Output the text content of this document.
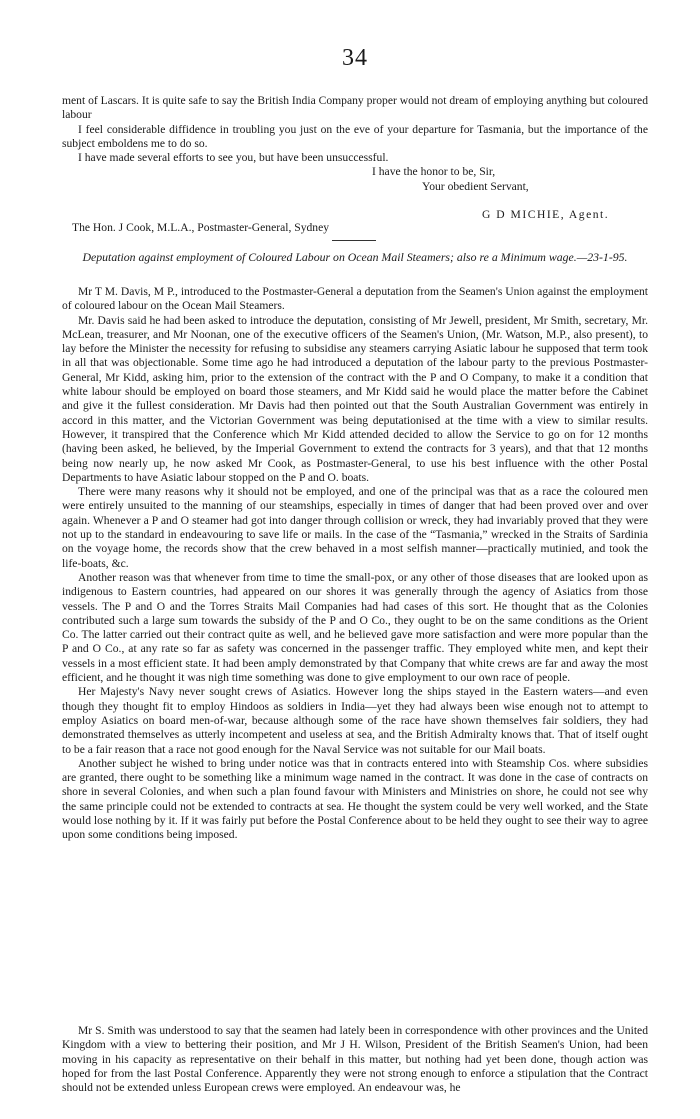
34

ment of Lascars. It is quite safe to say the British India Company proper would not dream of employing anything but coloured labour

I feel considerable diffidence in troubling you just on the eve of your departure for Tasmania, but the importance of the subject emboldens me to do so.

I have made several efforts to see you, but have been unsuccessful.

I have the honor to be, Sir,
Your obedient Servant,
G D MICHIE, Agent.
The Hon. J Cook, M.L.A., Postmaster-General, Sydney
Deputation against employment of Coloured Labour on Ocean Mail Steamers; also re a Minimum wage.—23-1-95.

Mr T M. Davis, M P., introduced to the Postmaster-General a deputation from the Seamen's Union against the employment of coloured labour on the Ocean Mail Steamers.

Mr. Davis said he had been asked to introduce the deputation, consisting of Mr Jewell, president, Mr Smith, secretary, Mr. McLean, treasurer, and Mr Noonan, one of the executive officers of the Seamen's Union, (Mr. Watson, M.P., also present), to lay before the Minister the necessity for refusing to subsidise any steamers carrying Asiatic labour he supposed that term took in all that was objectionable. Some time ago he had introduced a deputation of the labour party to the previous Postmaster-General, Mr Kidd, asking him, prior to the extension of the contract with the P and O Company, to make it a condition that white labour should be employed on board those steamers, and Mr Kidd said he would place the matter before the Cabinet and give it the fullest consideration. Mr Davis had then pointed out that the South Australian Government was entirely in accord in this matter, and the Victorian Government was being deputationised at the time with a view to similar results. However, it transpired that the Conference which Mr Kidd attended decided to allow the Service to go on for 12 months (having been asked, he believed, by the Imperial Government to extend the contracts for 3 years), and that that 12 months being now nearly up, he now asked Mr Cook, as Postmaster-General, to use his best influence with the other Postal Departments to have Asiatic labour stopped on the P and O. boats.

There were many reasons why it should not be employed, and one of the principal was that as a race the coloured men were entirely unsuited to the manning of our steamships, especially in times of danger that had been proved over and over again. Whenever a P and O steamer had got into danger through collision or wreck, they had invariably proved that they were not up to the standard in endeavouring to save life or mails. In the case of the “Tasmania,” wrecked in the Straits of Sardinia on the voyage home, the records show that the crew behaved in a most selfish manner—practically mutinied, and took the life-boats, &c.

Another reason was that whenever from time to time the small-pox, or any other of those diseases that are looked upon as indigenous to Eastern countries, had appeared on our shores it was generally through the agency of Asiatics from those vessels. The P and O and the Torres Straits Mail Companies had had cases of this sort. He thought that as the Colonies contributed such a large sum towards the subsidy of the P and O Co., they ought to be on the same conditions as the Orient Co. The latter carried out their contract quite as well, and he believed gave more satisfaction and were more popular than the P and O Co., at any rate so far as safety was concerned in the passenger traffic. They employed white men, and kept their vessels in a most efficient state. It had been amply demonstrated by that Company that white crews are far and away the most efficient, and he thought it was nigh time something was done to give employment to our own race of people.

Her Majesty's Navy never sought crews of Asiatics. However long the ships stayed in the Eastern waters—and even though they thought fit to employ Hindoos as soldiers in India—yet they had always been wise enough not to attempt to employ Asiatics on board men-of-war, because although some of the race have shown themselves fair soldiers, they had demonstrated themselves as utterly incompetent and useless at sea, and the British Admiralty knows that. That of itself ought to be a fair reason that a race not good enough for the Naval Service was not suitable for our Mail boats.

Another subject he wished to bring under notice was that in contracts entered into with Steamship Cos. where subsidies are granted, there ought to be something like a minimum wage named in the contract. It was done in the case of contracts on shore in several Colonies, and when such a plan found favour with Ministers and Ministries on shore, he could not see why the same principle could not be extended to contracts at sea. He thought the system could be very well worked, and the State would lose nothing by it. If it was fairly put before the Postal Conference about to be held they ought to see their way to agree upon some conditions being imposed.

Mr S. Smith was understood to say that the seamen had lately been in correspondence with other provinces and the United Kingdom with a view to bettering their position, and Mr J H. Wilson, President of the British Seamen's Union, had been moving in his capacity as representative on their behalf in this matter, but nothing had yet been done, though action was hoped for from the last Postal Conference. Apparently they were not strong enough to enforce a stipulation that the Contract should not be extended unless European crews were employed. An endeavour was, he
